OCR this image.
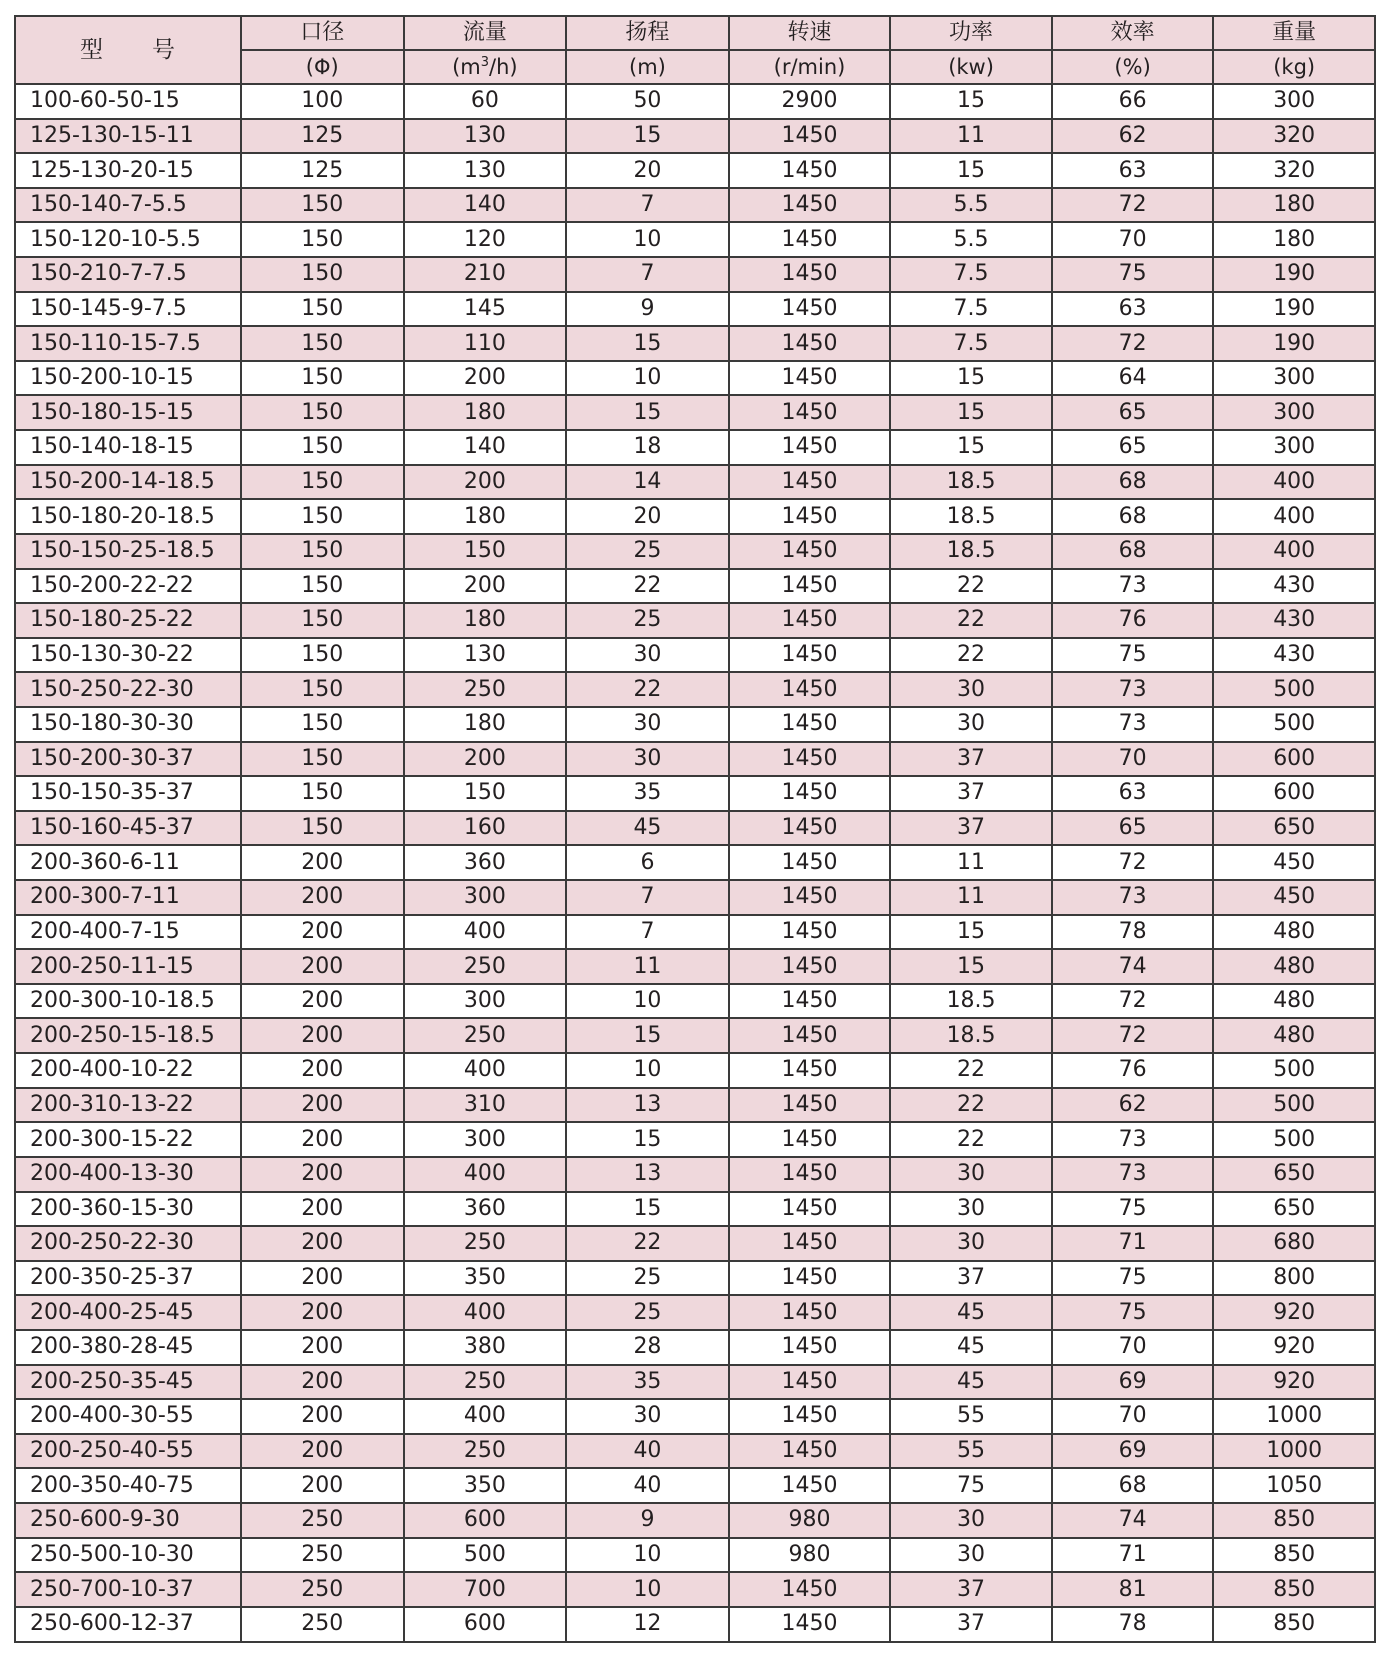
型 号	口径	流量	扬程	转速	功率	效率	重量
	(Φ)	$(m^3/h)$	(m)	(r/min)	(kw)	(%)	(kg)
100-60-50-15	100	60	50	2900	15	66	300
125-130-15-11	125	130	15	1450	11	62	320
125-130-20-15	125	130	20	1450	15	63	320
150-140-7-5.5	150	140	7	1450	5.5	72	180
150-120-10-5.5	150	120	10	1450	5.5	70	180
150-210-7-7.5	150	210	7	1450	7.5	75	190
150-145-9-7.5	150	145	9	1450	7.5	63	190
150-110-15-7.5	150	110	15	1450	7.5	72	190
150-200-10-15	150	200	10	1450	15	64	300
150-180-15-15	150	180	15	1450	15	65	300
150-140-18-15	150	140	18	1450	15	65	300
150-200-14-18.5	150	200	14	1450	18.5	68	400
150-180-20-18.5	150	180	20	1450	18.5	68	400
150-150-25-18.5	150	150	25	1450	18.5	68	400
150-200-22-22	150	200	22	1450	22	73	430
150-180-25-22	150	180	25	1450	22	76	430
150-130-30-22	150	130	30	1450	22	75	430
150-250-22-30	150	250	22	1450	30	73	500
150-180-30-30	150	180	30	1450	30	73	500
150-200-30-37	150	200	30	1450	37	70	600
150-150-35-37	150	150	35	1450	37	63	600
150-160-45-37	150	160	45	1450	37	65	650
200-360-6-11	200	360	6	1450	11	72	450
200-300-7-11	200	300	7	1450	11	73	450
200-400-7-15	200	400	7	1450	15	78	480
200-250-11-15	200	250	11	1450	15	74	480
200-300-10-18.5	200	300	10	1450	18.5	72	480
200-250-15-18.5	200	250	15	1450	18.5	72	480
200-400-10-22	200	400	10	1450	22	76	500
200-310-13-22	200	310	13	1450	22	62	500
200-300-15-22	200	300	15	1450	22	73	500
200-400-13-30	200	400	13	1450	30	73	650
200-360-15-30	200	360	15	1450	30	75	650
200-250-22-30	200	250	22	1450	30	71	680
200-350-25-37	200	350	25	1450	37	75	800
200-400-25-45	200	400	25	1450	45	75	920
200-380-28-45	200	380	28	1450	45	70	920
200-250-35-45	200	250	35	1450	45	69	920
200-400-30-55	200	400	30	1450	55	70	1000
200-250-40-55	200	250	40	1450	55	69	1000
200-350-40-75	200	350	40	1450	75	68	1050
250-600-9-30	250	600	9	980	30	74	850
250-500-10-30	250	500	10	980	30	71	850
250-700-10-37	250	700	10	1450	37	81	850
250-600-12-37	250	600	12	1450	37	78	850
